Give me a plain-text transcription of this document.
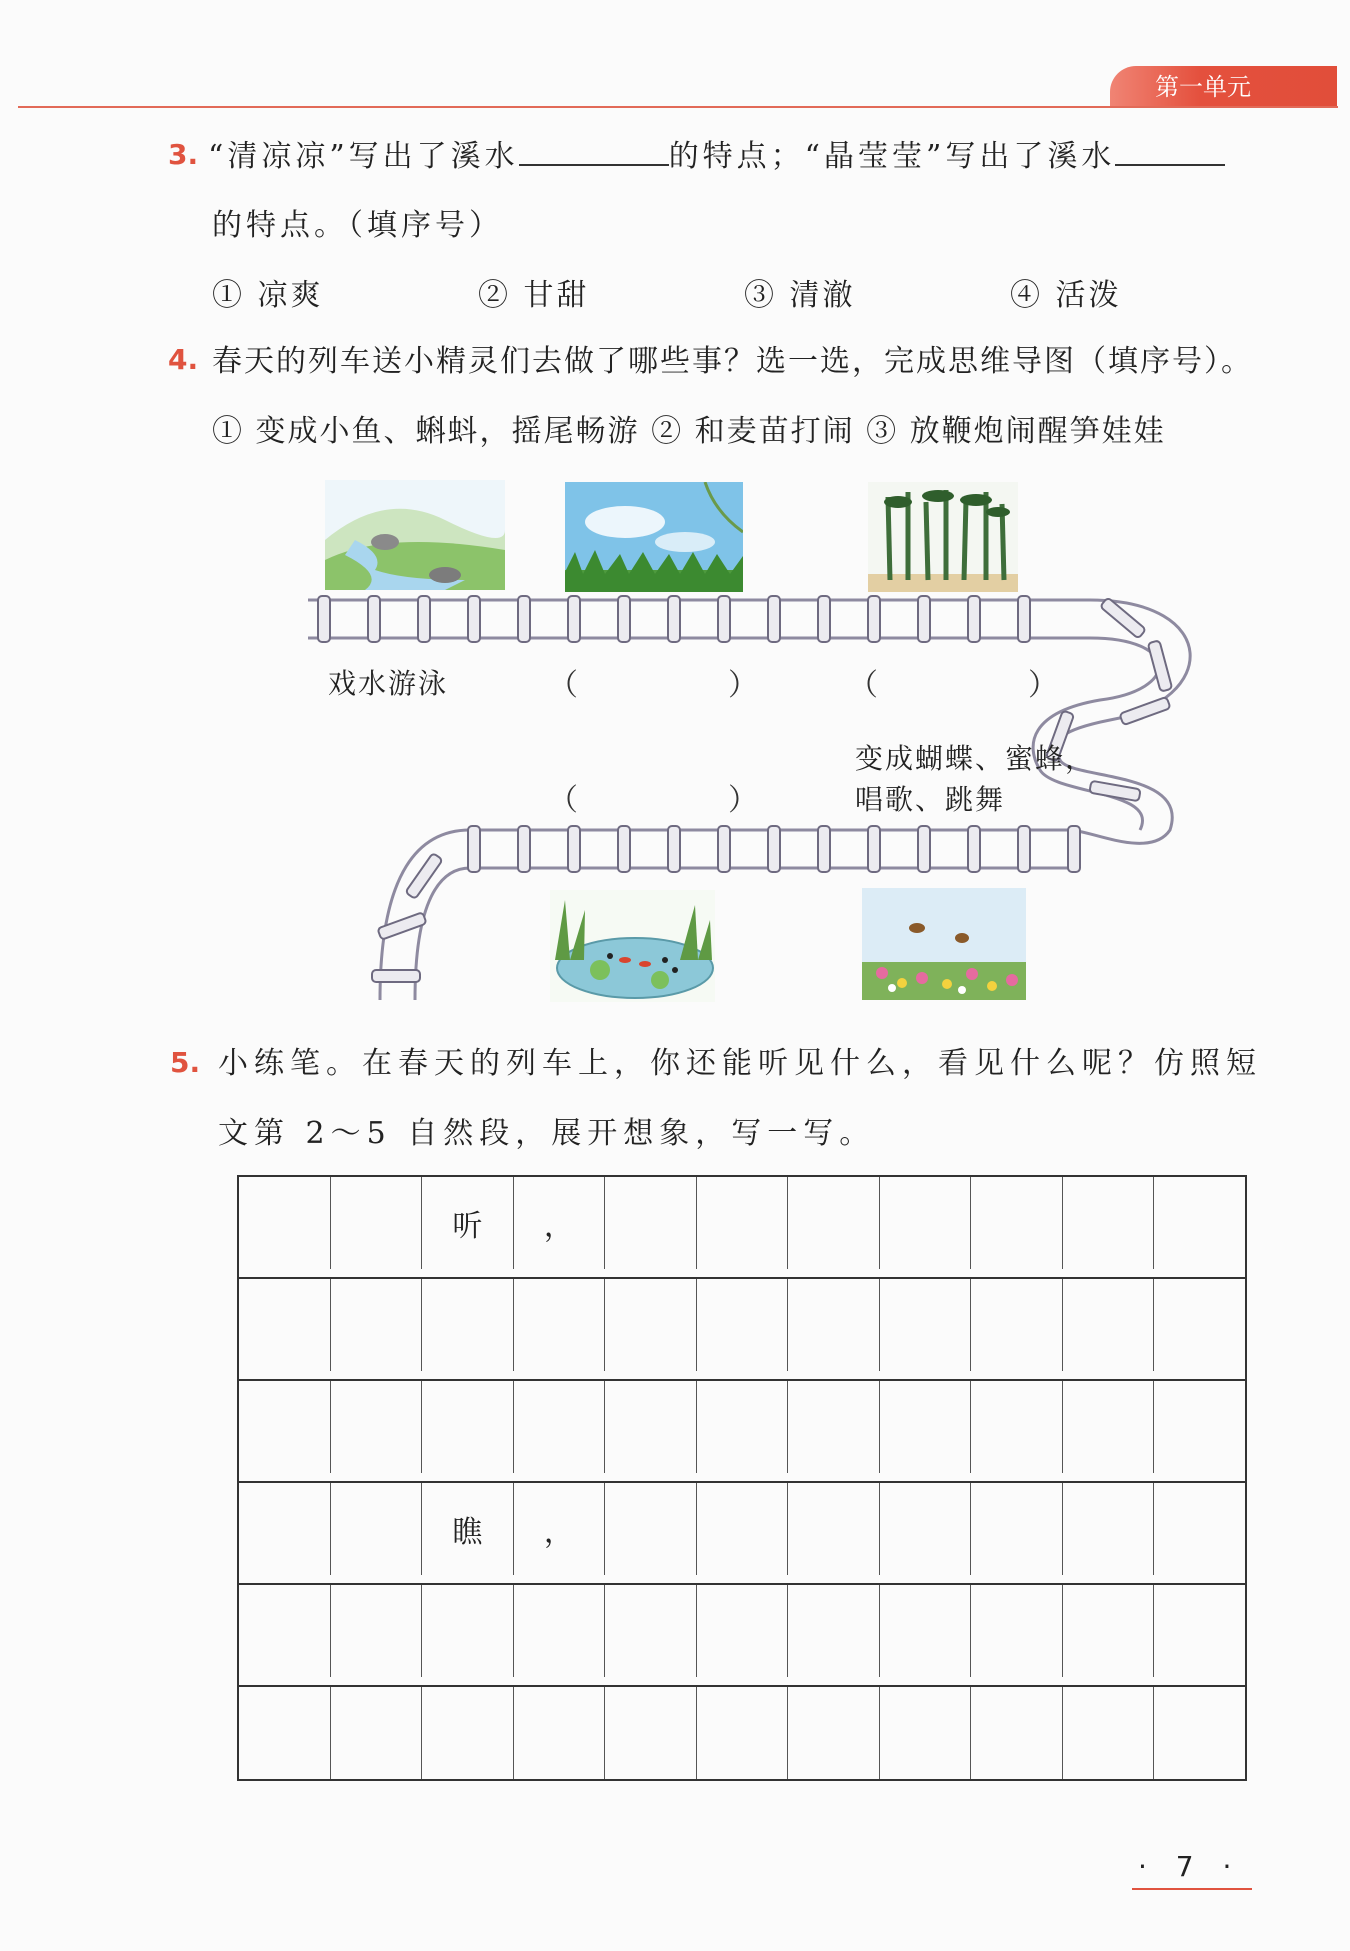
第一单元
3. “清凉凉”写出了溪水	的特点；“晶莹莹”写出了溪水
的特点。（填序号）
① 凉爽	② 甘甜	③ 清澈	④ 活泼
4. 春天的列车送小精灵们去做了哪些事？选一选，完成思维导图（填序号）。
① 变成小鱼、蝌蚪，摇尾畅游 ② 和麦苗打闹 ③ 放鞭炮闹醒笋娃娃
戏水游泳	（	）	（	）
（	）
变成蝴蝶、蜜蜂，
唱歌、跳舞
5. 小练笔。在春天的列车上，你还能听见什么，看见什么呢？仿照短
文第 2～5 自然段，展开想象，写一写。
听	，
瞧	，
· 7 ·
